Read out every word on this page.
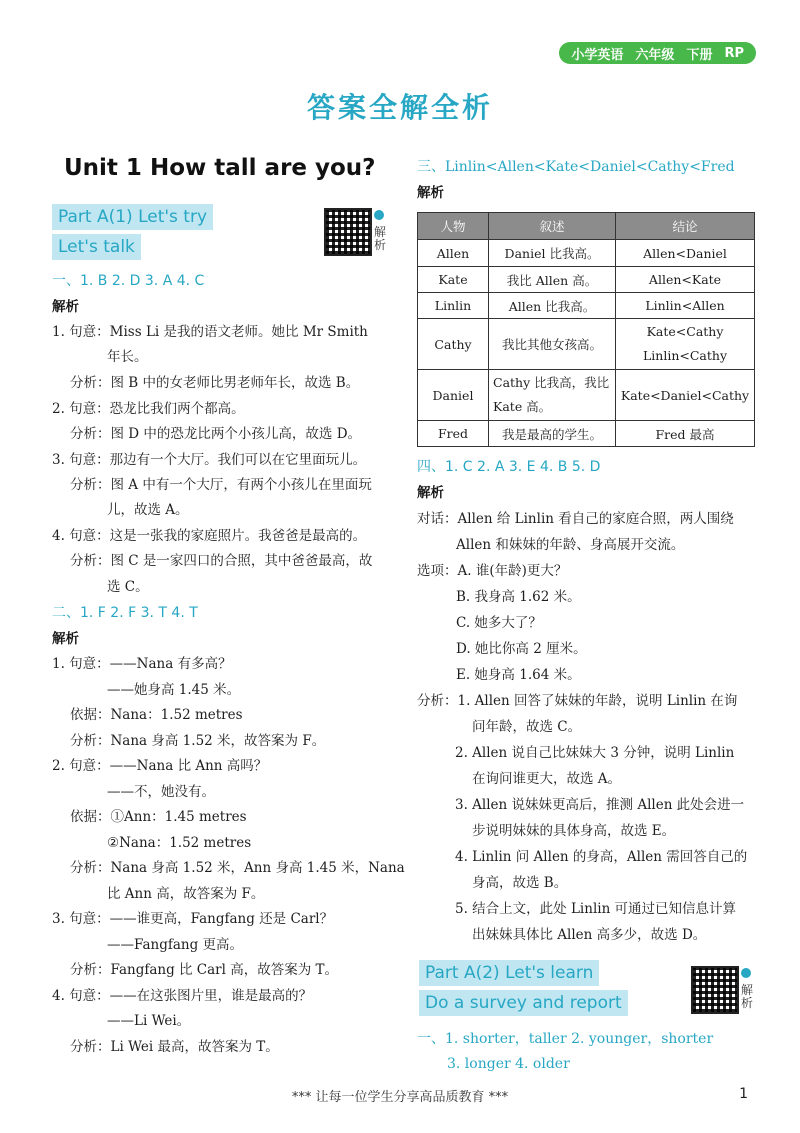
小学英语 六年级 下册 RP
答案全解全析
Unit 1 How tall are you?
Part A(1) Let's try
Let's talk
解析
一、1. B 2. D 3. A 4. C
解析
1. 句意：Miss Li 是我的语文老师。她比 Mr Smith
年长。
分析：图 B 中的女老师比男老师年长，故选 B。
2. 句意：恐龙比我们两个都高。
分析：图 D 中的恐龙比两个小孩儿高，故选 D。
3. 句意：那边有一个大厅。我们可以在它里面玩儿。
分析：图 A 中有一个大厅，有两个小孩儿在里面玩
儿，故选 A。
4. 句意：这是一张我的家庭照片。我爸爸是最高的。
分析：图 C 是一家四口的合照，其中爸爸最高，故
选 C。
二、1. F 2. F 3. T 4. T
解析
1. 句意：——Nana 有多高？
——她身高 1.45 米。
依据：Nana：1.52 metres
分析：Nana 身高 1.52 米，故答案为 F。
2. 句意：——Nana 比 Ann 高吗？
——不，她没有。
依据：①Ann：1.45 metres
②Nana：1.52 metres
分析：Nana 身高 1.52 米，Ann 身高 1.45 米，Nana
比 Ann 高，故答案为 F。
3. 句意：——谁更高，Fangfang 还是 Carl？
——Fangfang 更高。
分析：Fangfang 比 Carl 高，故答案为 T。
4. 句意：——在这张图片里，谁是最高的？
——Li Wei。
分析：Li Wei 最高，故答案为 T。
三、Linlin<Allen<Kate<Daniel<Cathy<Fred
解析
人物	叙述	结论
Allen	Daniel 比我高。	Allen<Daniel
Kate	我比 Allen 高。	Allen<Kate
Linlin	Allen 比我高。	Linlin<Allen
Cathy	我比其他女孩高。	Kate<Cathy
Linlin<Cathy
Daniel	Cathy 比我高，我比
Kate 高。	Kate<Daniel<Cathy
Fred	我是最高的学生。	Fred 最高
四、1. C 2. A 3. E 4. B 5. D
解析
对话：Allen 给 Linlin 看自己的家庭合照，两人围绕
Allen 和妹妹的年龄、身高展开交流。
选项：A. 谁(年龄)更大？
B. 我身高 1.62 米。
C. 她多大了？
D. 她比你高 2 厘米。
E. 她身高 1.64 米。
分析：1. Allen 回答了妹妹的年龄，说明 Linlin 在询
问年龄，故选 C。
2. Allen 说自己比妹妹大 3 分钟，说明 Linlin
在询问谁更大，故选 A。
3. Allen 说妹妹更高后，推测 Allen 此处会进一
步说明妹妹的具体身高，故选 E。
4. Linlin 问 Allen 的身高，Allen 需回答自己的
身高，故选 B。
5. 结合上文，此处 Linlin 可通过已知信息计算
出妹妹具体比 Allen 高多少，故选 D。
Part A(2) Let's learn
Do a survey and report
解析
一、1. shorter，taller 2. younger，shorter
3. longer 4. older
*** 让每一位学生分享高品质教育 ***	1
